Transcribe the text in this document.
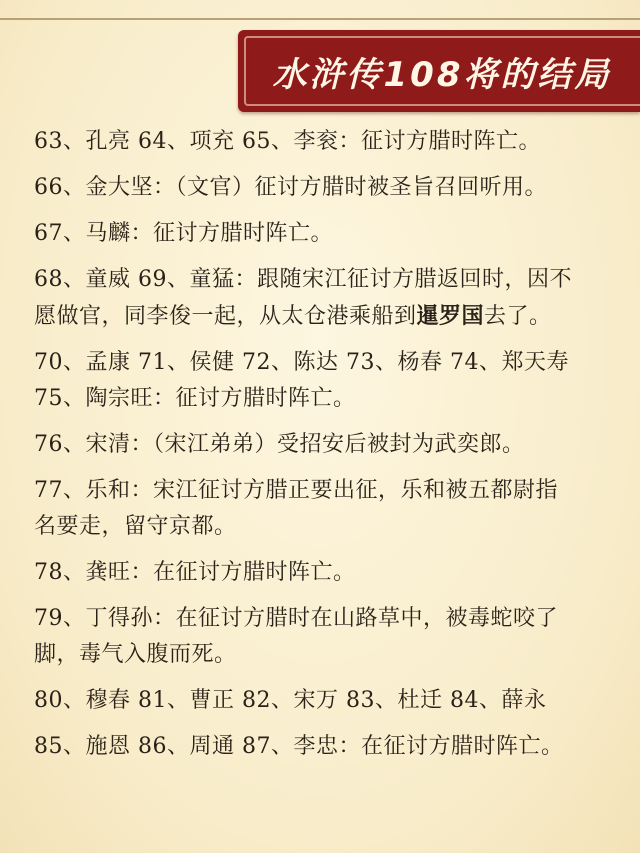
水浒传108将的结局
63、孔亮 64、项充 65、李衮：征讨方腊时阵亡。
66、金大坚：（文官）征讨方腊时被圣旨召回听用。
67、马麟：征讨方腊时阵亡。
68、童威 69、童猛：跟随宋江征讨方腊返回时，因不
愿做官，同李俊一起，从太仓港乘船到暹罗国去了。
70、孟康 71、侯健 72、陈达 73、杨春 74、郑天寿
75、陶宗旺：征讨方腊时阵亡。
76、宋清：（宋江弟弟）受招安后被封为武奕郎。
77、乐和：宋江征讨方腊正要出征，乐和被五都尉指
名要走，留守京都。
78、龚旺：在征讨方腊时阵亡。
79、丁得孙：在征讨方腊时在山路草中，被毒蛇咬了
脚，毒气入腹而死。
80、穆春 81、曹正 82、宋万 83、杜迁 84、薛永
85、施恩 86、周通 87、李忠：在征讨方腊时阵亡。
